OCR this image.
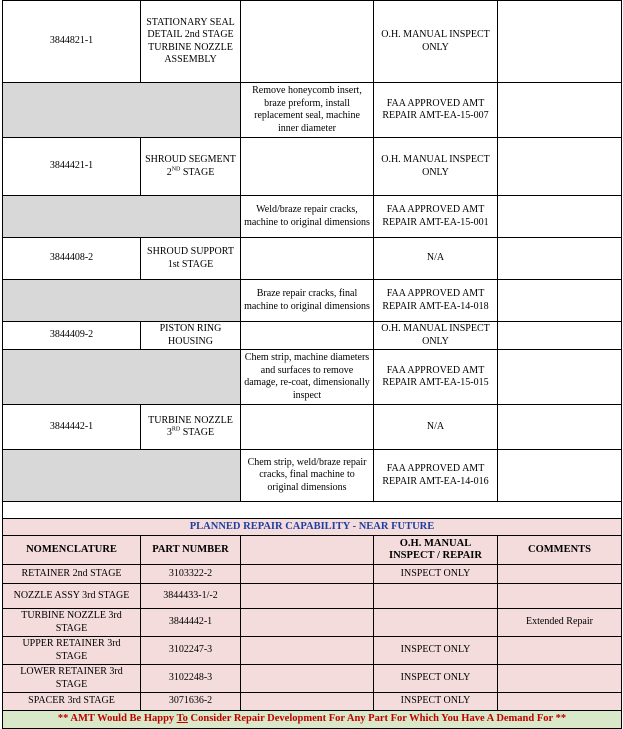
3844821-1	STATIONARY SEAL DETAIL 2nd STAGE TURBINE NOZZLE ASSEMBLY		O.H. MANUAL INSPECT ONLY	
		Remove honeycomb insert, braze preform, install replacement seal, machine inner diameter	FAA APPROVED AMT REPAIR AMT-EA-15-007	
3844421-1	SHROUD SEGMENT 2ND STAGE		O.H. MANUAL INSPECT ONLY	
		Weld/braze repair cracks, machine to original dimensions	FAA APPROVED AMT REPAIR AMT-EA-15-001	
3844408-2	SHROUD SUPPORT 1st STAGE		N/A	
		Braze repair cracks, final machine to original dimensions	FAA APPROVED AMT REPAIR AMT-EA-14-018	
3844409-2	PISTON RING HOUSING		O.H. MANUAL INSPECT ONLY	
		Chem strip, machine diameters and surfaces to remove damage, re-coat, dimensionally inspect	FAA APPROVED AMT REPAIR AMT-EA-15-015	
3844442-1	TURBINE NOZZLE 3RD STAGE		N/A	
		Chem strip, weld/braze repair cracks, final machine to original dimensions	FAA APPROVED AMT REPAIR AMT-EA-14-016	

PLANNED REPAIR CAPABILITY - NEAR FUTURE				
NOMENCLATURE	PART NUMBER		O.H. MANUAL INSPECT / REPAIR	COMMENTS
RETAINER 2nd STAGE	3103322-2		INSPECT ONLY	
NOZZLE ASSY 3rd STAGE	3844433-1/-2			
TURBINE NOZZLE 3rd STAGE	3844442-1			Extended Repair
UPPER RETAINER 3rd STAGE	3102247-3		INSPECT ONLY	
LOWER RETAINER 3rd STAGE	3102248-3		INSPECT ONLY	
SPACER 3rd STAGE	3071636-2		INSPECT ONLY	
** AMT Would Be Happy To Consider Repair Development For Any Part For Which You Have A Demand For **				
